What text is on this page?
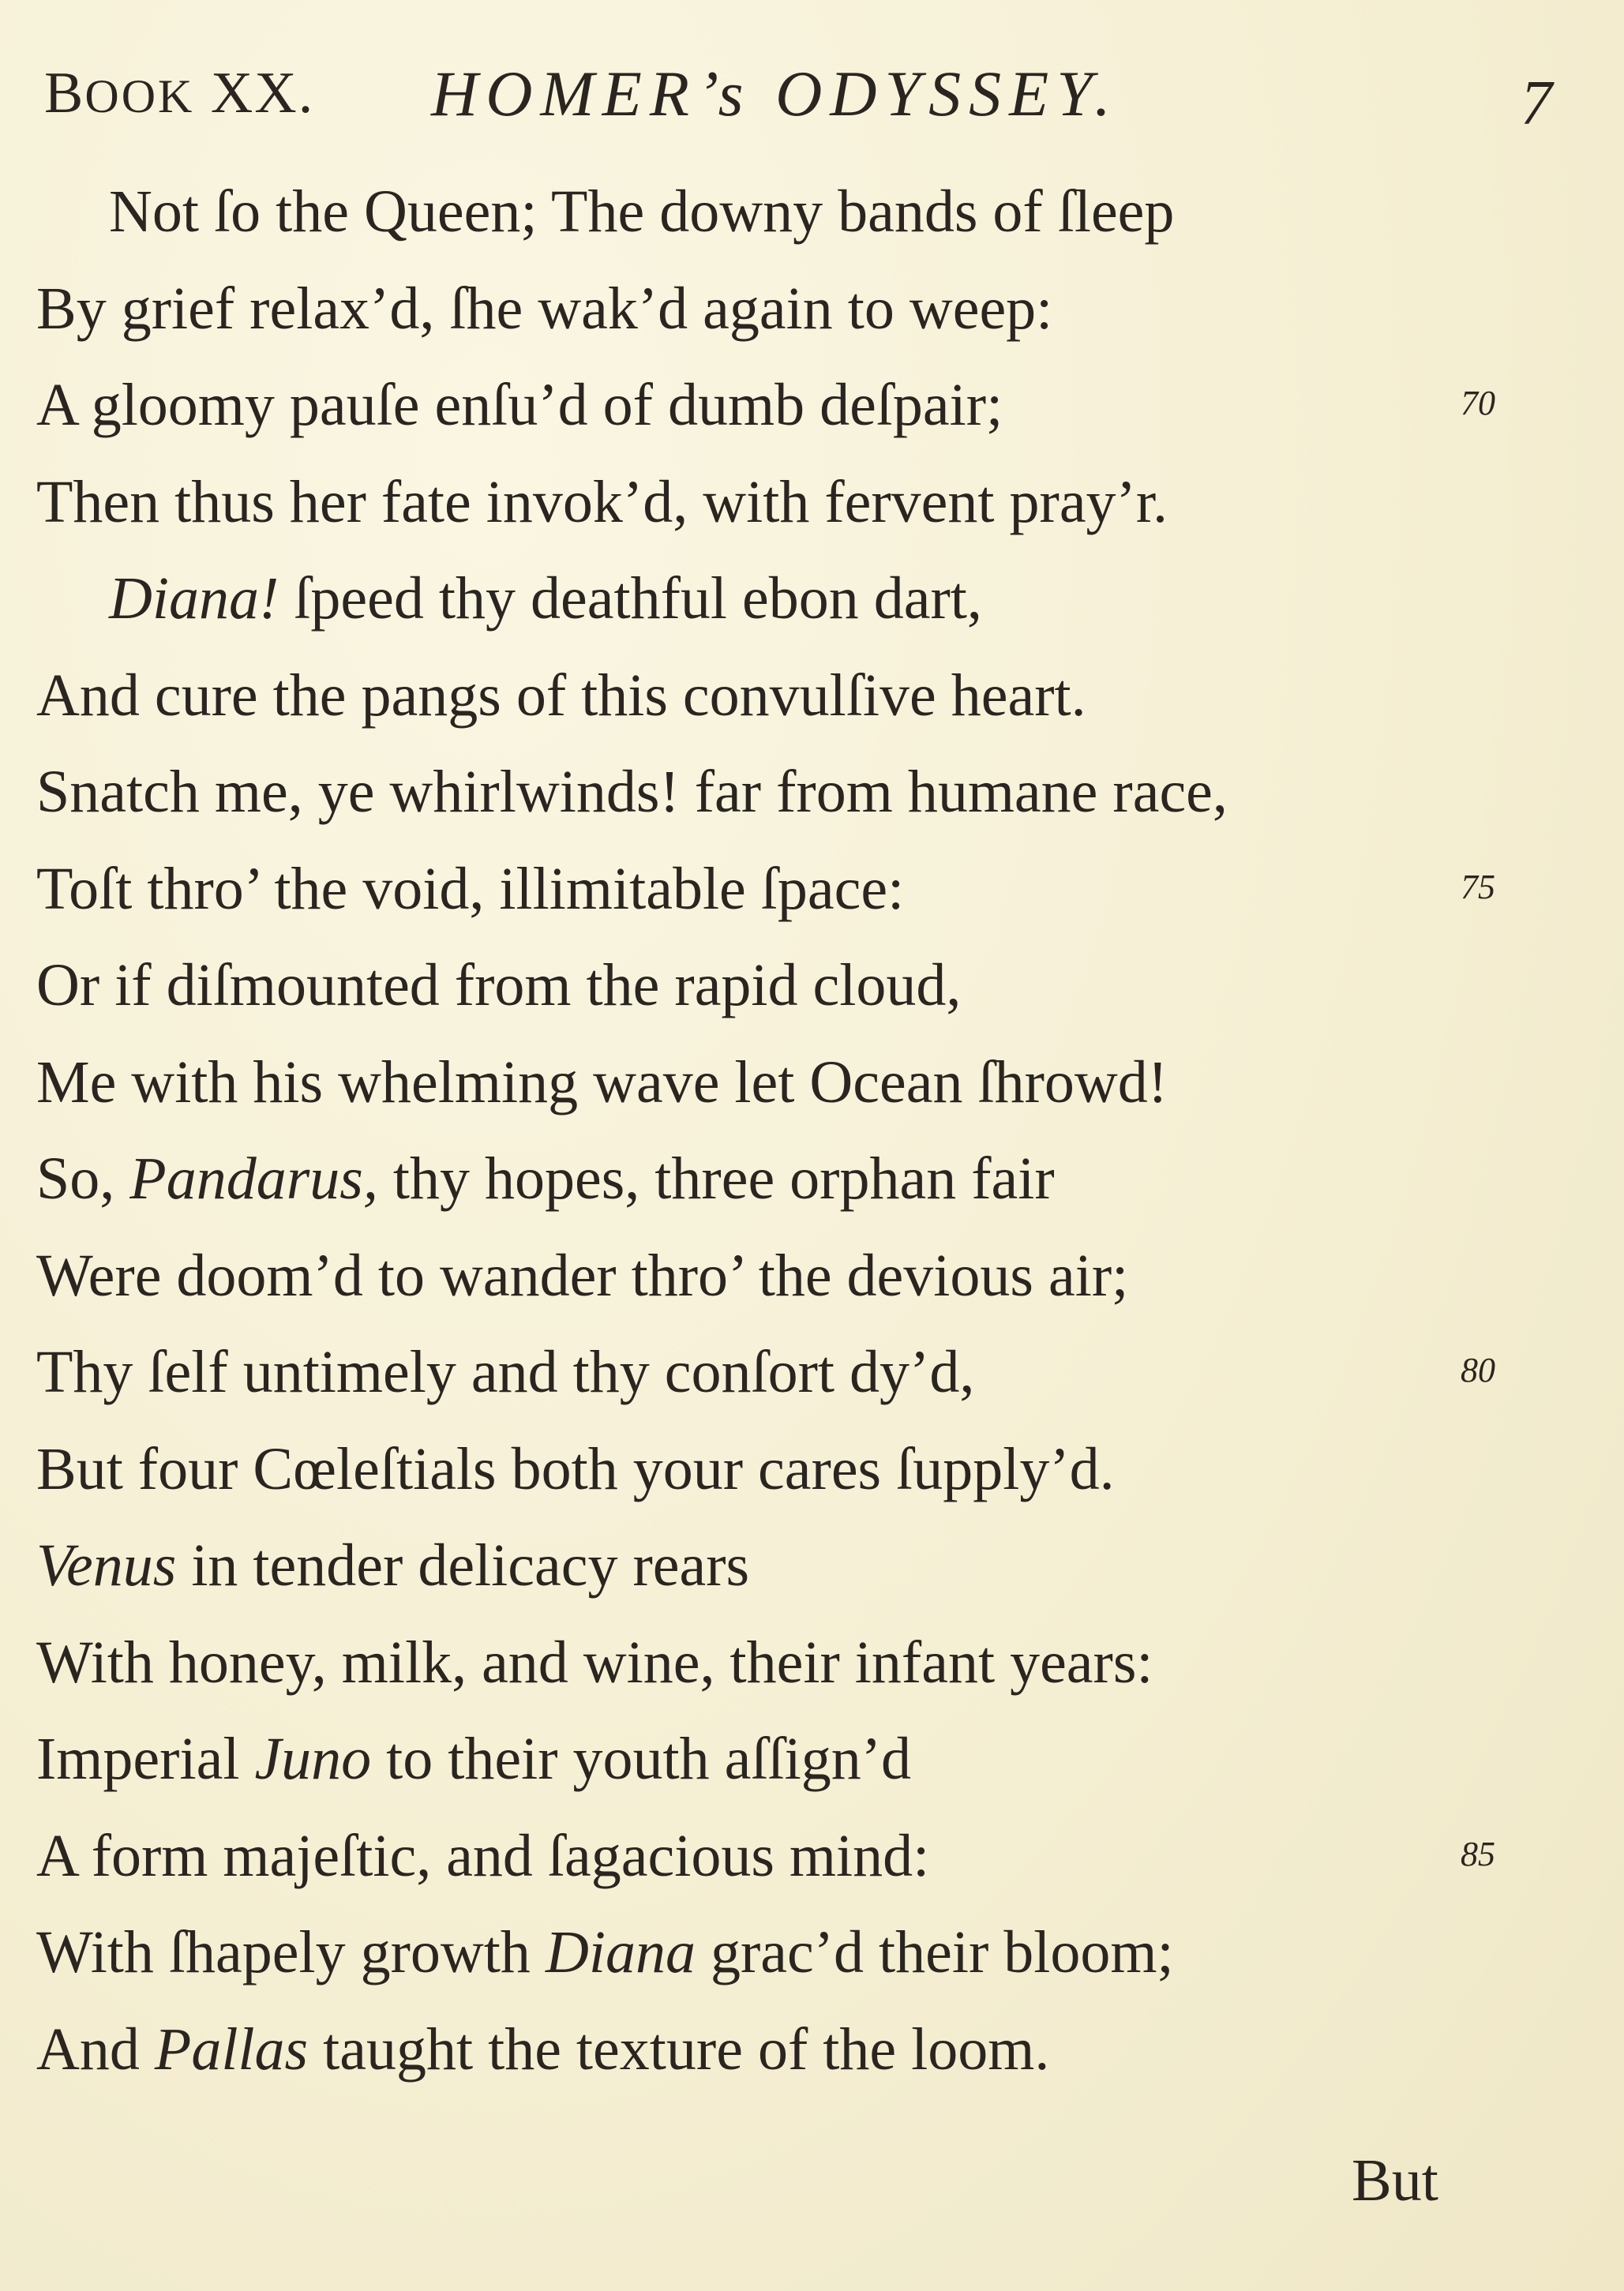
BOOK XX. HOMER’s ODYSSEY.	7
Not ſo the Queen; The downy bands of ſleep
By grief relax’d, ſhe wak’d again to weep:
A gloomy pauſe enſu’d of dumb deſpair;	70
Then thus her fate invok’d, with fervent pray’r.
Diana! ſpeed thy deathful ebon dart,
And cure the pangs of this convulſive heart.
Snatch me, ye whirlwinds! far from humane race,
Toſt thro’ the void, illimitable ſpace:	75
Or if diſmounted from the rapid cloud,
Me with his whelming wave let Ocean ſhrowd!
So, Pandarus, thy hopes, three orphan fair
Were doom’d to wander thro’ the devious air;
Thy ſelf untimely and thy conſort dy’d,	80
But four Cœleſtials both your cares ſupply’d.
Venus in tender delicacy rears
With honey, milk, and wine, their infant years:
Imperial Juno to their youth aſſign’d
A form majeſtic, and ſagacious mind:	85
With ſhapely growth Diana grac’d their bloom;
And Pallas taught the texture of the loom.
But
